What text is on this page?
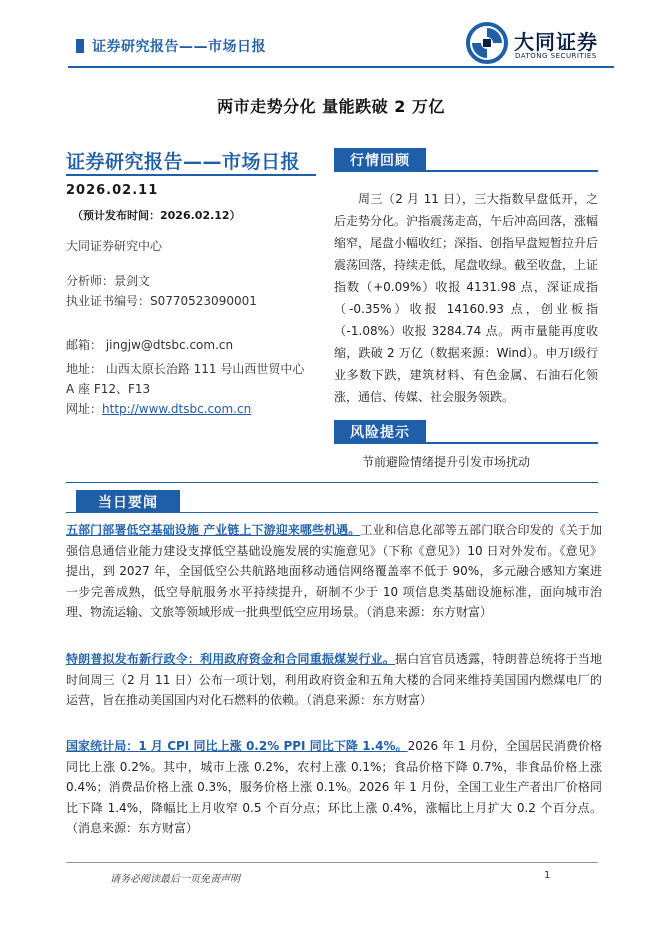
证券研究报告——市场日报	大同证券
DATONG SECURITIES
两市走势分化 量能跌破 2 万亿
证券研究报告——市场日报
2026.02.11
（预计发布时间：2026.02.12）
大同证券研究中心
分析师：景剑文
执业证书编号：S0770523090001
邮箱： jingjw@dtsbc.com.cn
地址： 山西太原长治路 111 号山西世贸中心
A 座 F12、F13
网址：http://www.dtsbc.com.cn
行情回顾
周三（2 月 11 日），三大指数早盘低开，之后走势分化。沪指震荡走高，午后冲高回落，涨幅缩窄，尾盘小幅收红；深指、创指早盘短暂拉升后震荡回落，持续走低，尾盘收绿。截至收盘，上证指数（+0.09%）收报 4131.98 点，深证成指（-0.35%）收报 14160.93 点，创业板指（-1.08%）收报 3284.74 点。两市量能再度收缩，跌破 2 万亿（数据来源：Wind）。申万Ⅰ级行业多数下跌，建筑材料、有色金属、石油石化领涨，通信、传媒、社会服务领跌。
风险提示
节前避险情绪提升引发市场扰动
当日要闻
五部门部署低空基础设施 产业链上下游迎来哪些机遇。工业和信息化部等五部门联合印发的《关于加强信息通信业能力建设支撑低空基础设施发展的实施意见》（下称《意见》）10 日对外发布。《意见》提出，到 2027 年，全国低空公共航路地面移动通信网络覆盖率不低于 90%，多元融合感知方案进一步完善成熟，低空导航服务水平持续提升，研制不少于 10 项信息类基础设施标准，面向城市治理、物流运输、文旅等领域形成一批典型低空应用场景。（消息来源：东方财富）
特朗普拟发布新行政令：利用政府资金和合同重振煤炭行业。据白宫官员透露，特朗普总统将于当地时间周三（2 月 11 日）公布一项计划，利用政府资金和五角大楼的合同来维持美国国内燃煤电厂的运营，旨在推动美国国内对化石燃料的依赖。（消息来源：东方财富）
国家统计局：1 月 CPI 同比上涨 0.2% PPI 同比下降 1.4%。2026 年 1 月份，全国居民消费价格同比上涨 0.2%。其中，城市上涨 0.2%，农村上涨 0.1%；食品价格下降 0.7%，非食品价格上涨 0.4%；消费品价格上涨 0.3%，服务价格上涨 0.1%。2026 年 1 月份，全国工业生产者出厂价格同比下降 1.4%，降幅比上月收窄 0.5 个百分点；环比上涨 0.4%，涨幅比上月扩大 0.2 个百分点。（消息来源：东方财富）
请务必阅读最后一页免责声明	1
